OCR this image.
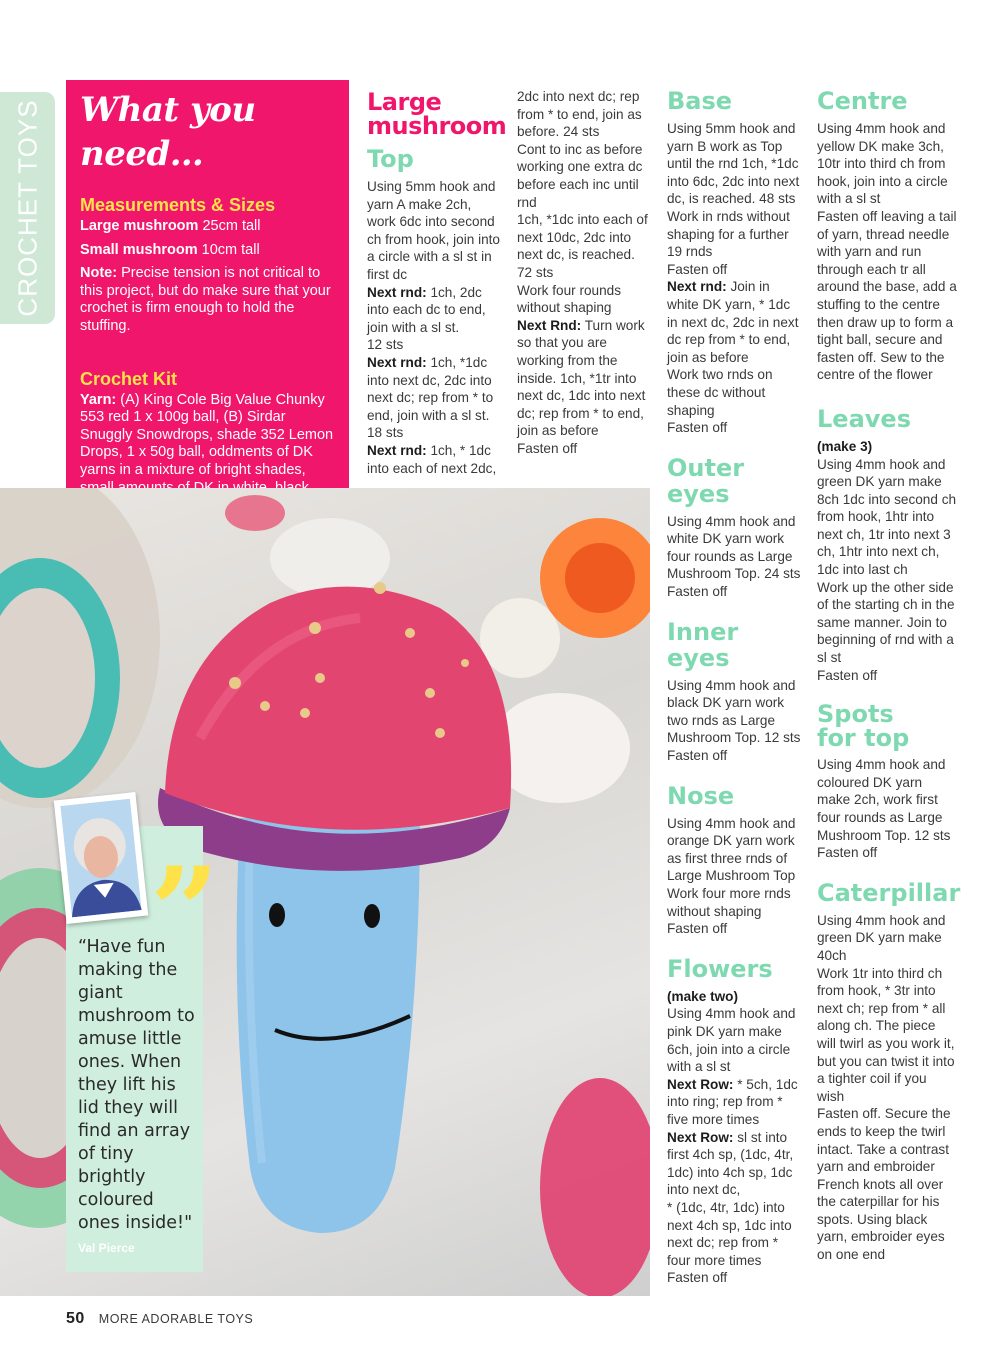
CROCHET TOYS What you need…
Measurements & Sizes

Large mushroom 25cm tall

Small mushroom 10cm tall

Note: Precise tension is not critical to this project, but do make sure that your crochet is firm enough to hold the stuffing.

Crochet Kit

Yarn: (A) King Cole Big Value Chunky 553 red 1 x 100g ball, (B) Sirdar Snuggly Snowdrops, shade 352 Lemon Drops, 1 x 50g ball, oddments of DK yarns in a mixture of bright shades,

Large
mushroom
Top

Using 5mm hook and yarn A make 2ch, work 6dc into second ch from hook, join into a circle with a sl st in first dc

Next rnd: 1ch, 2dc into each dc to end, join with a sl st.

12 sts

Next rnd: 1ch, *1dc into next dc, 2dc into next dc; rep from * to end, join with a sl st.

18 sts

Next rnd: 1ch, * 1dc into each of next 2dc,

2dc into next dc; rep from * to end, join as before. 24 sts

Cont to inc as before working one extra dc before each inc until rnd

1ch, *1dc into each of next 10dc, 2dc into next dc, is reached.

72 sts

Work four rounds without shaping

Next Rnd: Turn work so that you are working from the inside. 1ch, *1tr into next dc, 1dc into next dc; rep from * to end, join as before

Fasten off

Base

Using 5mm hook and yarn B work as Top until the rnd 1ch, *1dc into 6dc, 2dc into next dc, is reached. 48 sts

Work in rnds without shaping for a further 19 rnds

Fasten off

Next rnd: Join in white DK yarn, * 1dc in next dc, 2dc in next dc rep from * to end, join as before

Work two rnds on these dc without shaping

Fasten off

Outer eyes

Using 4mm hook and white DK yarn work four rounds as Large Mushroom Top. 24 sts

Fasten off

Inner eyes

Using 4mm hook and black DK yarn work two rnds as Large Mushroom Top. 12 sts

Fasten off

Nose

Using 4mm hook and orange DK yarn work as first three rnds of Large Mushroom Top

Work four more rnds without shaping

Fasten off

Flowers

(make two)

Using 4mm hook and pink DK yarn make 6ch, join into a circle with a sl st

Next Row: * 5ch, 1dc into ring; rep from * five more times

Next Row: sl st into first 4ch sp, (1dc, 4tr, 1dc) into 4ch sp, 1dc into next dc,

* (1dc, 4tr, 1dc) into next 4ch sp, 1dc into next dc; rep from * four more times

Fasten off

Centre

Using 4mm hook and yellow DK make 3ch, 10tr into third ch from hook, join into a circle with a sl st

Fasten off leaving a tail of yarn, thread needle with yarn and run through each tr all around the base, add a stuffing to the centre then draw up to form a tight ball, secure and fasten off. Sew to the centre of the flower

Leaves

(make 3)

Using 4mm hook and green DK yarn make 8ch 1dc into second ch from hook, 1htr into next ch, 1tr into next 3 ch, 1htr into next ch, 1dc into last ch

Work up the other side of the starting ch in the same manner. Join to beginning of rnd with a sl st

Fasten off

Spots
for top

Using 4mm hook and coloured DK yarn make 2ch, work first four rounds as Large Mushroom Top. 12 sts

Fasten off

Caterpillar

Using 4mm hook and green DK yarn make 40ch

Work 1tr into third ch from hook, * 3tr into next ch; rep from * all along ch. The piece will twirl as you work it, but you can twist it into a tighter coil if you wish

Fasten off. Secure the ends to keep the twirl intact. Take a contrast yarn and embroider French knots all over the caterpillar for his spots. Using black yarn, embroider eyes on one end

“Have fun making the giant mushroom to amuse little ones. When they lift his lid they will find an array of tiny brightly coloured ones inside!"

Val Pierce
”
50 MORE ADORABLE TOYS
